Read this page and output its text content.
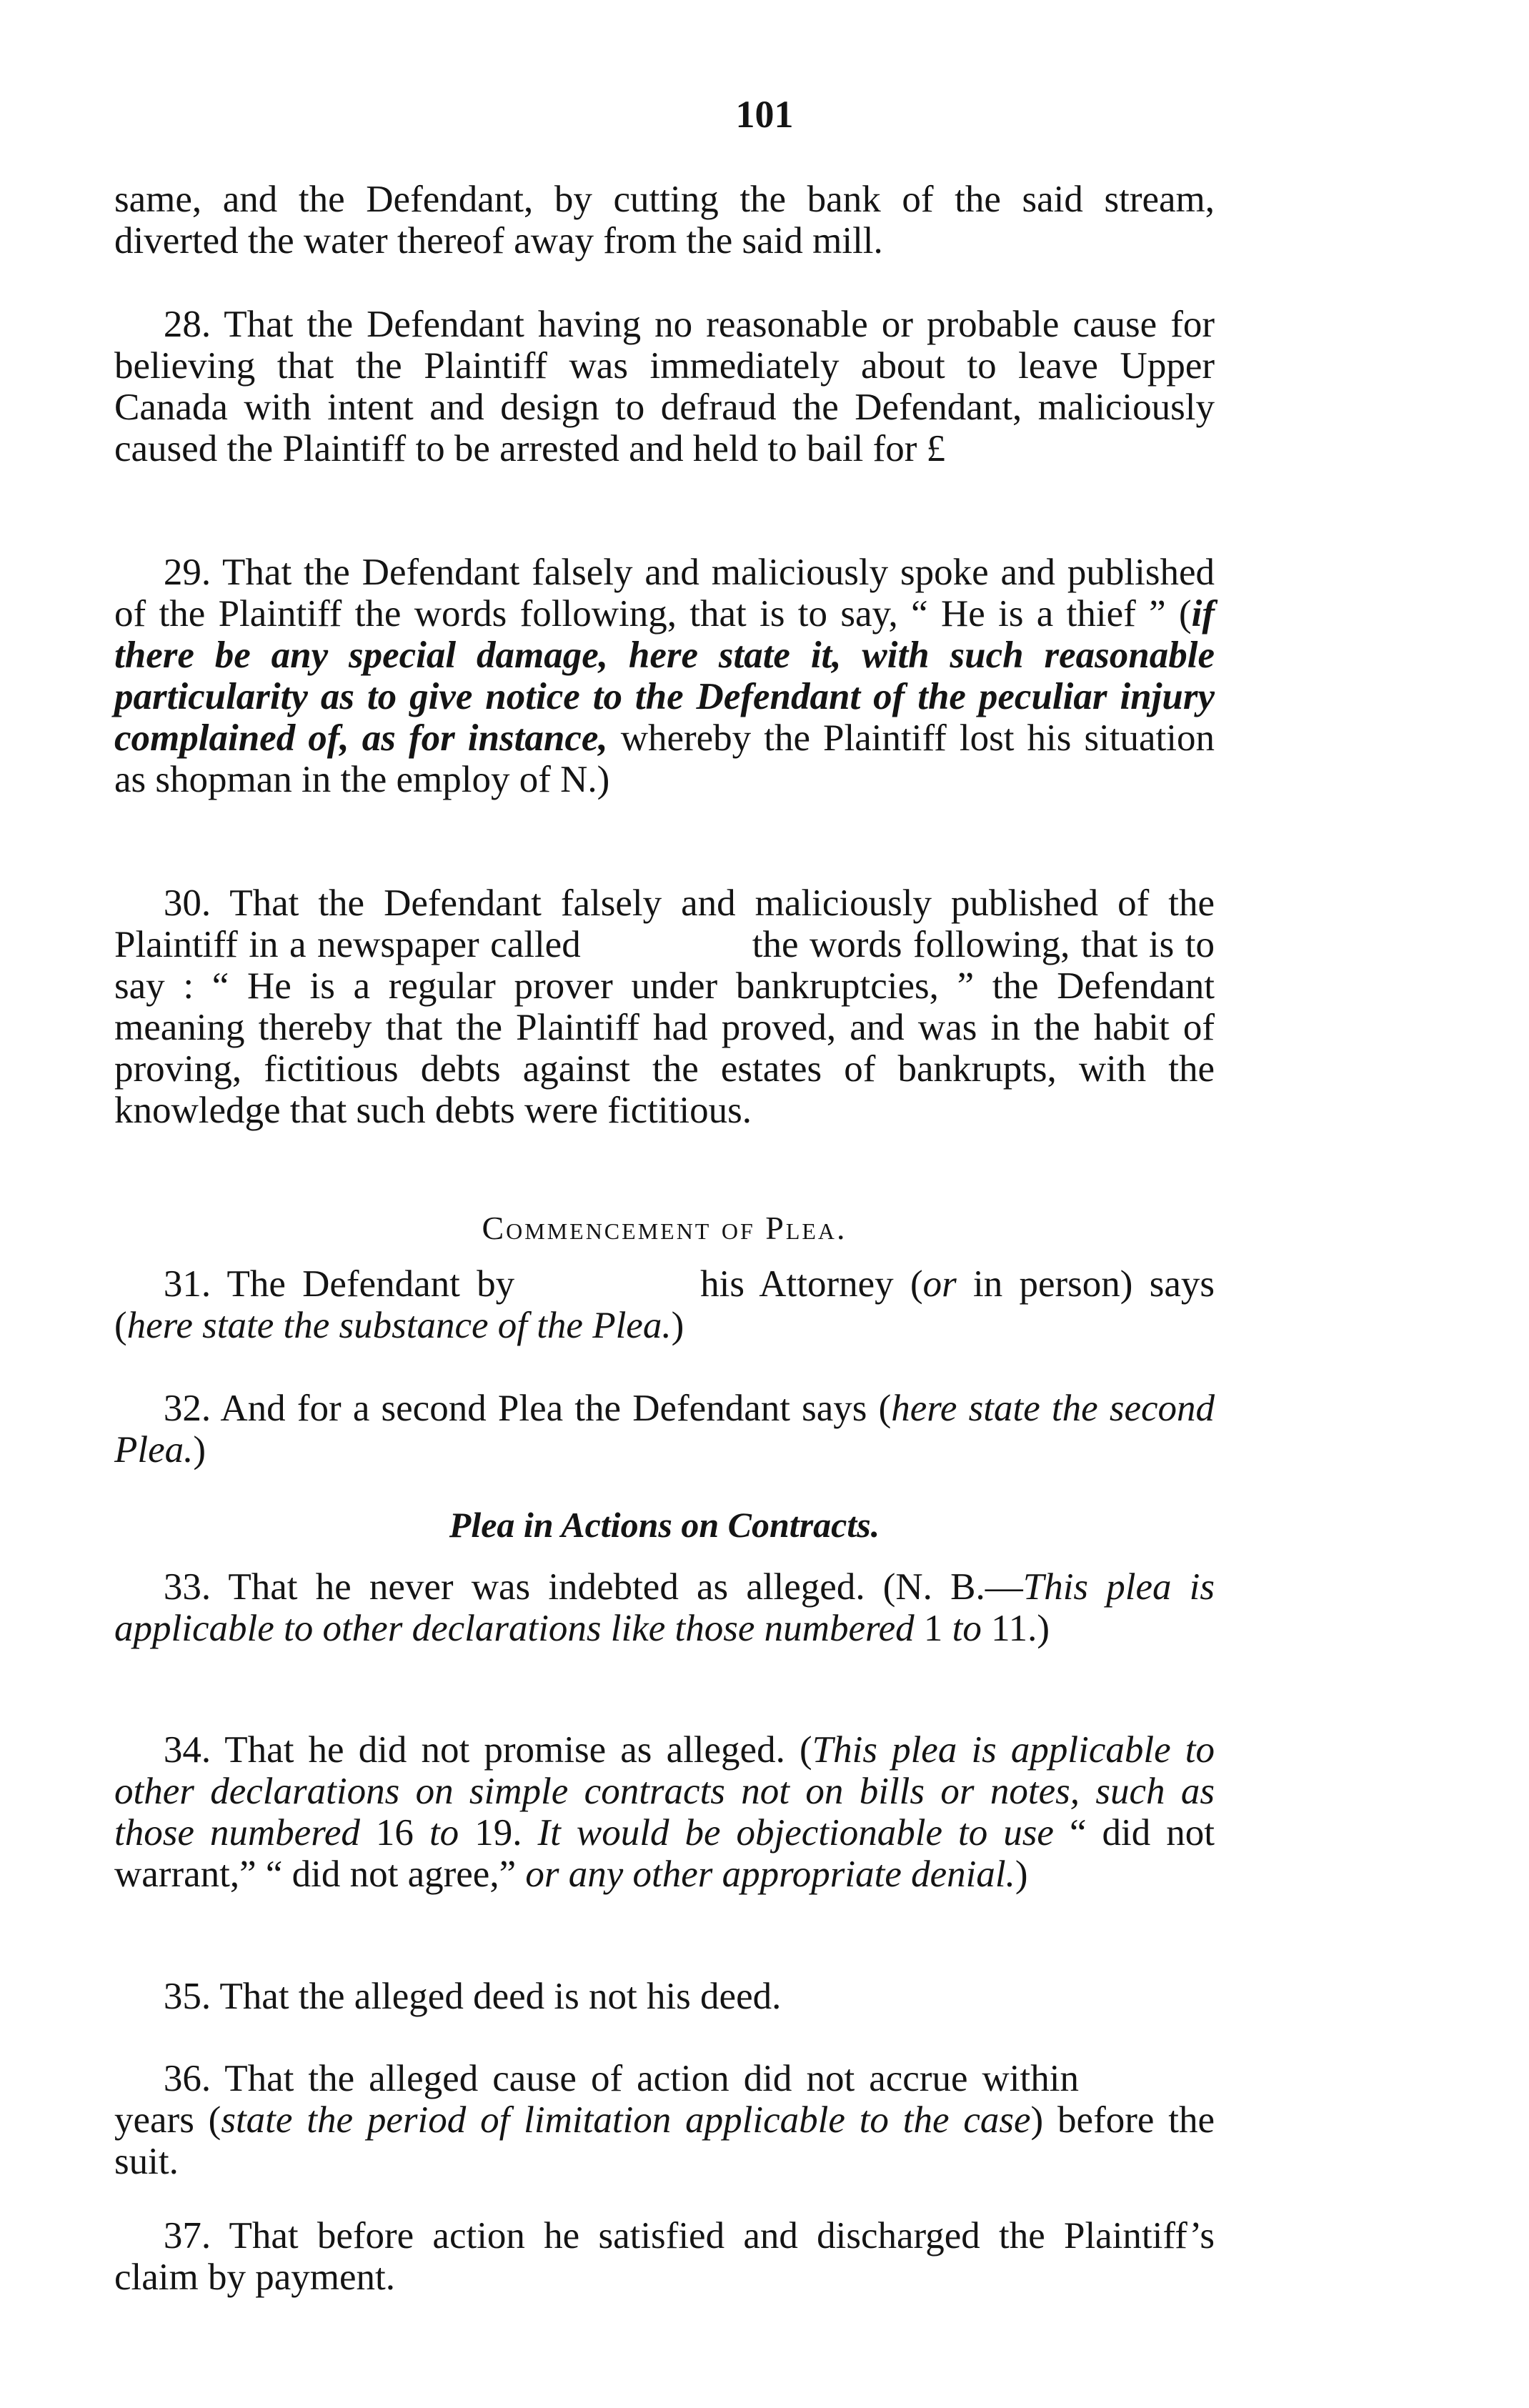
101
same, and the Defendant, by cutting the bank of the said stream, diverted the water thereof away from the said mill.
28. That the Defendant having no reasonable or probable cause for believing that the Plaintiff was immediately about to leave Upper Canada with intent and design to defraud the Defendant, maliciously caused the Plaintiff to be arrested and held to bail for £
29. That the Defendant falsely and maliciously spoke and published of the Plaintiff the words following, that is to say, “ He is a thief ” (if there be any special damage, here state it, with such reasonable particularity as to give notice to the Defendant of the peculiar injury complained of, as for instance, whereby the Plaintiff lost his situation as shopman in the employ of N.)
30. That the Defendant falsely and maliciously published of the Plaintiff in a newspaper called	the words following, that is to say : “ He is a regular prover under bankruptcies, ” the Defendant meaning thereby that the Plaintiff had proved, and was in the habit of proving, fictitious debts against the estates of bankrupts, with the knowledge that such debts were fictitious.
Commencement of Plea.
31. The Defendant by	his Attorney (or in person) says (here state the substance of the Plea.)
32. And for a second Plea the Defendant says (here state the second Plea.)
Plea in Actions on Contracts.
33. That he never was indebted as alleged. (N. B.—This plea is applicable to other declarations like those numbered 1 to 11.)
34. That he did not promise as alleged. (This plea is applicable to other declarations on simple contracts not on bills or notes, such as those numbered 16 to 19. It would be objectionable to use “ did not warrant,” “ did not agree,” or any other appropriate denial.)
35. That the alleged deed is not his deed.
36. That the alleged cause of action did not accrue within years (state the period of limitation applicable to the case) before the suit.
37. That before action he satisfied and discharged the Plaintiff’s claim by payment.
